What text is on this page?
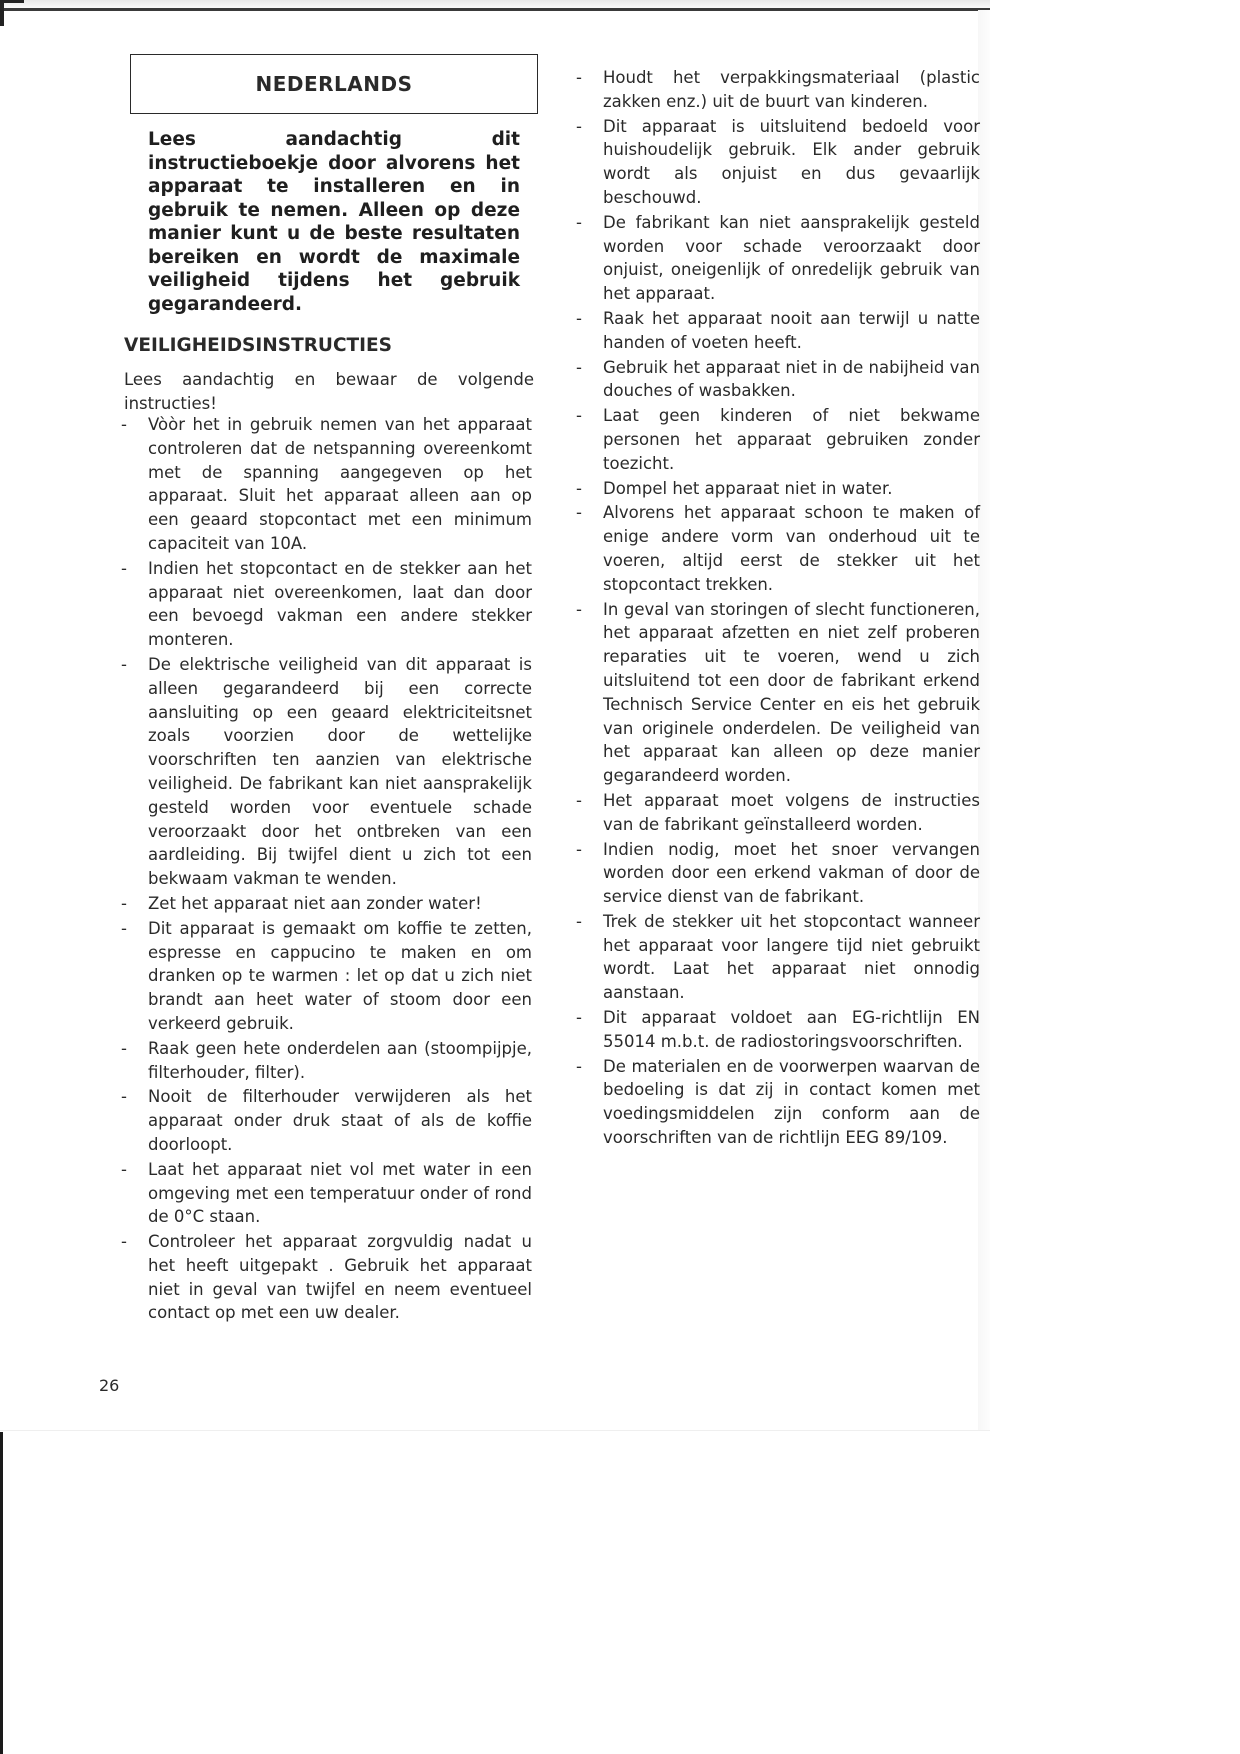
NEDERLANDS

Lees aandachtig dit instructieboekje door alvorens het apparaat te installeren en in gebruik te nemen. Alleen op deze manier kunt u de beste resultaten bereiken en wordt de maximale veiligheid tijdens het gebruik gegarandeerd.

VEILIGHEIDSINSTRUCTIES

Lees aandachtig en bewaar de volgende instructies!

- Vòòr het in gebruik nemen van het apparaat controleren dat de netspanning overeenkomt met de spanning aangegeven op het apparaat. Sluit het apparaat alleen aan op een geaard stopcontact met een minimum capaciteit van 10A.
- Indien het stopcontact en de stekker aan het apparaat niet overeenkomen, laat dan door een bevoegd vakman een andere stekker monteren.
- De elektrische veiligheid van dit apparaat is alleen gegarandeerd bij een correcte aansluiting op een geaard elektriciteitsnet zoals voorzien door de wettelijke voorschriften ten aanzien van elektrische veiligheid. De fabrikant kan niet aansprakelijk gesteld worden voor eventuele schade veroorzaakt door het ontbreken van een aardleiding. Bij twijfel dient u zich tot een bekwaam vakman te wenden.
- Zet het apparaat niet aan zonder water!
- Dit apparaat is gemaakt om koffie te zetten, espresse en cappucino te maken en om dranken op te warmen : let op dat u zich niet brandt aan heet water of stoom door een verkeerd gebruik.
- Raak geen hete onderdelen aan (stoompijpje, filterhouder, filter).
- Nooit de filterhouder verwijderen als het apparaat onder druk staat of als de koffie doorloopt.
- Laat het apparaat niet vol met water in een omgeving met een temperatuur onder of rond de 0°C staan.
- Controleer het apparaat zorgvuldig nadat u het heeft uitgepakt . Gebruik het apparaat niet in geval van twijfel en neem eventueel contact op met een uw dealer.
- Houdt het verpakkingsmateriaal (plastic zakken enz.) uit de buurt van kinderen.
- Dit apparaat is uitsluitend bedoeld voor huishoudelijk gebruik. Elk ander gebruik wordt als onjuist en dus gevaarlijk beschouwd.
- De fabrikant kan niet aansprakelijk gesteld worden voor schade veroorzaakt door onjuist, oneigenlijk of onredelijk gebruik van het apparaat.
- Raak het apparaat nooit aan terwijl u natte handen of voeten heeft.
- Gebruik het apparaat niet in de nabijheid van douches of wasbakken.
- Laat geen kinderen of niet bekwame personen het apparaat gebruiken zonder toezicht.
- Dompel het apparaat niet in water.
- Alvorens het apparaat schoon te maken of enige andere vorm van onderhoud uit te voeren, altijd eerst de stekker uit het stopcontact trekken.
- In geval van storingen of slecht functioneren, het apparaat afzetten en niet zelf proberen reparaties uit te voeren, wend u zich uitsluitend tot een door de fabrikant erkend Technisch Service Center en eis het gebruik van originele onderdelen. De veiligheid van het apparaat kan alleen op deze manier gegarandeerd worden.
- Het apparaat moet volgens de instructies van de fabrikant geïnstalleerd worden.
- Indien nodig, moet het snoer vervangen worden door een erkend vakman of door de service dienst van de fabrikant.
- Trek de stekker uit het stopcontact wanneer het apparaat voor langere tijd niet gebruikt wordt. Laat het apparaat niet onnodig aanstaan.
- Dit apparaat voldoet aan EG-richtlijn EN 55014 m.b.t. de radiostoringsvoorschriften.
- De materialen en de voorwerpen waarvan de bedoeling is dat zij in contact komen met voedingsmiddelen zijn conform aan de voorschriften van de richtlijn EEG 89/109.

26
